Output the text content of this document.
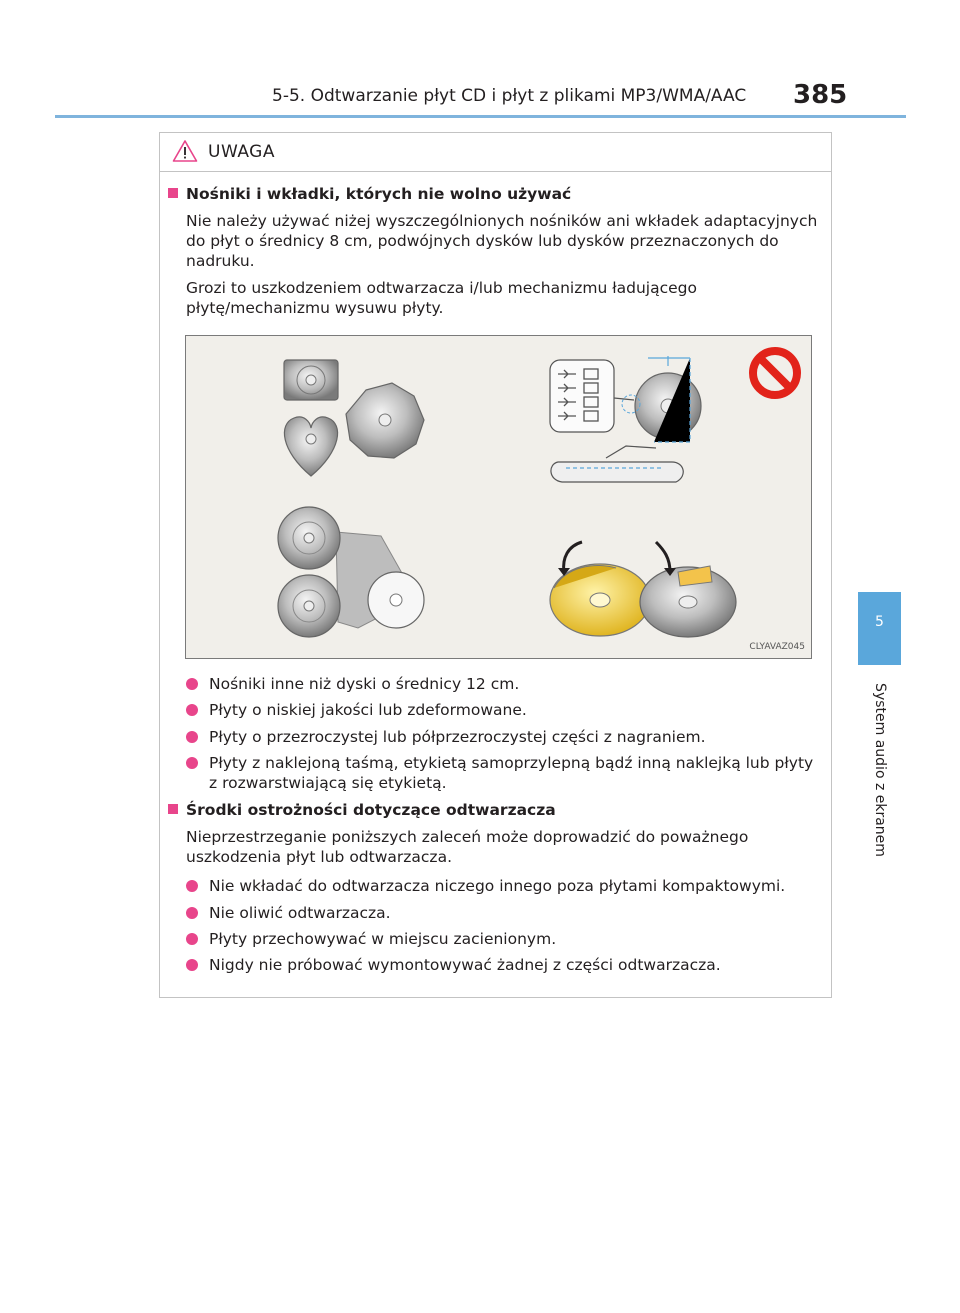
5-5. Odtwarzanie płyt CD i płyt z plikami MP3/WMA/AAC 385
5
System audio z ekranem
UWAGA
Nośniki i wkładki, których nie wolno używać
Nie należy używać niżej wyszczególnionych nośników ani wkładek adaptacyjnych do płyt o średnicy 8 cm, podwójnych dysków lub dysków przeznaczonych do nadruku.
Grozi to uszkodzeniem odtwarzacza i/lub mechanizmu ładującego płytę/mechanizmu wysuwu płyty.
CLYAVAZ045
Nośniki inne niż dyski o średnicy 12 cm.
Płyty o niskiej jakości lub zdeformowane.
Płyty o przezroczystej lub półprzezroczystej części z nagraniem.
Płyty z naklejoną taśmą, etykietą samoprzylepną bądź inną naklejką lub płyty z rozwarstwiającą się etykietą.
Środki ostrożności dotyczące odtwarzacza
Nieprzestrzeganie poniższych zaleceń może doprowadzić do poważnego uszkodzenia płyt lub odtwarzacza.
Nie wkładać do odtwarzacza niczego innego poza płytami kompaktowymi.
Nie oliwić odtwarzacza.
Płyty przechowywać w miejscu zacienionym.
Nigdy nie próbować wymontowywać żadnej z części odtwarzacza.
